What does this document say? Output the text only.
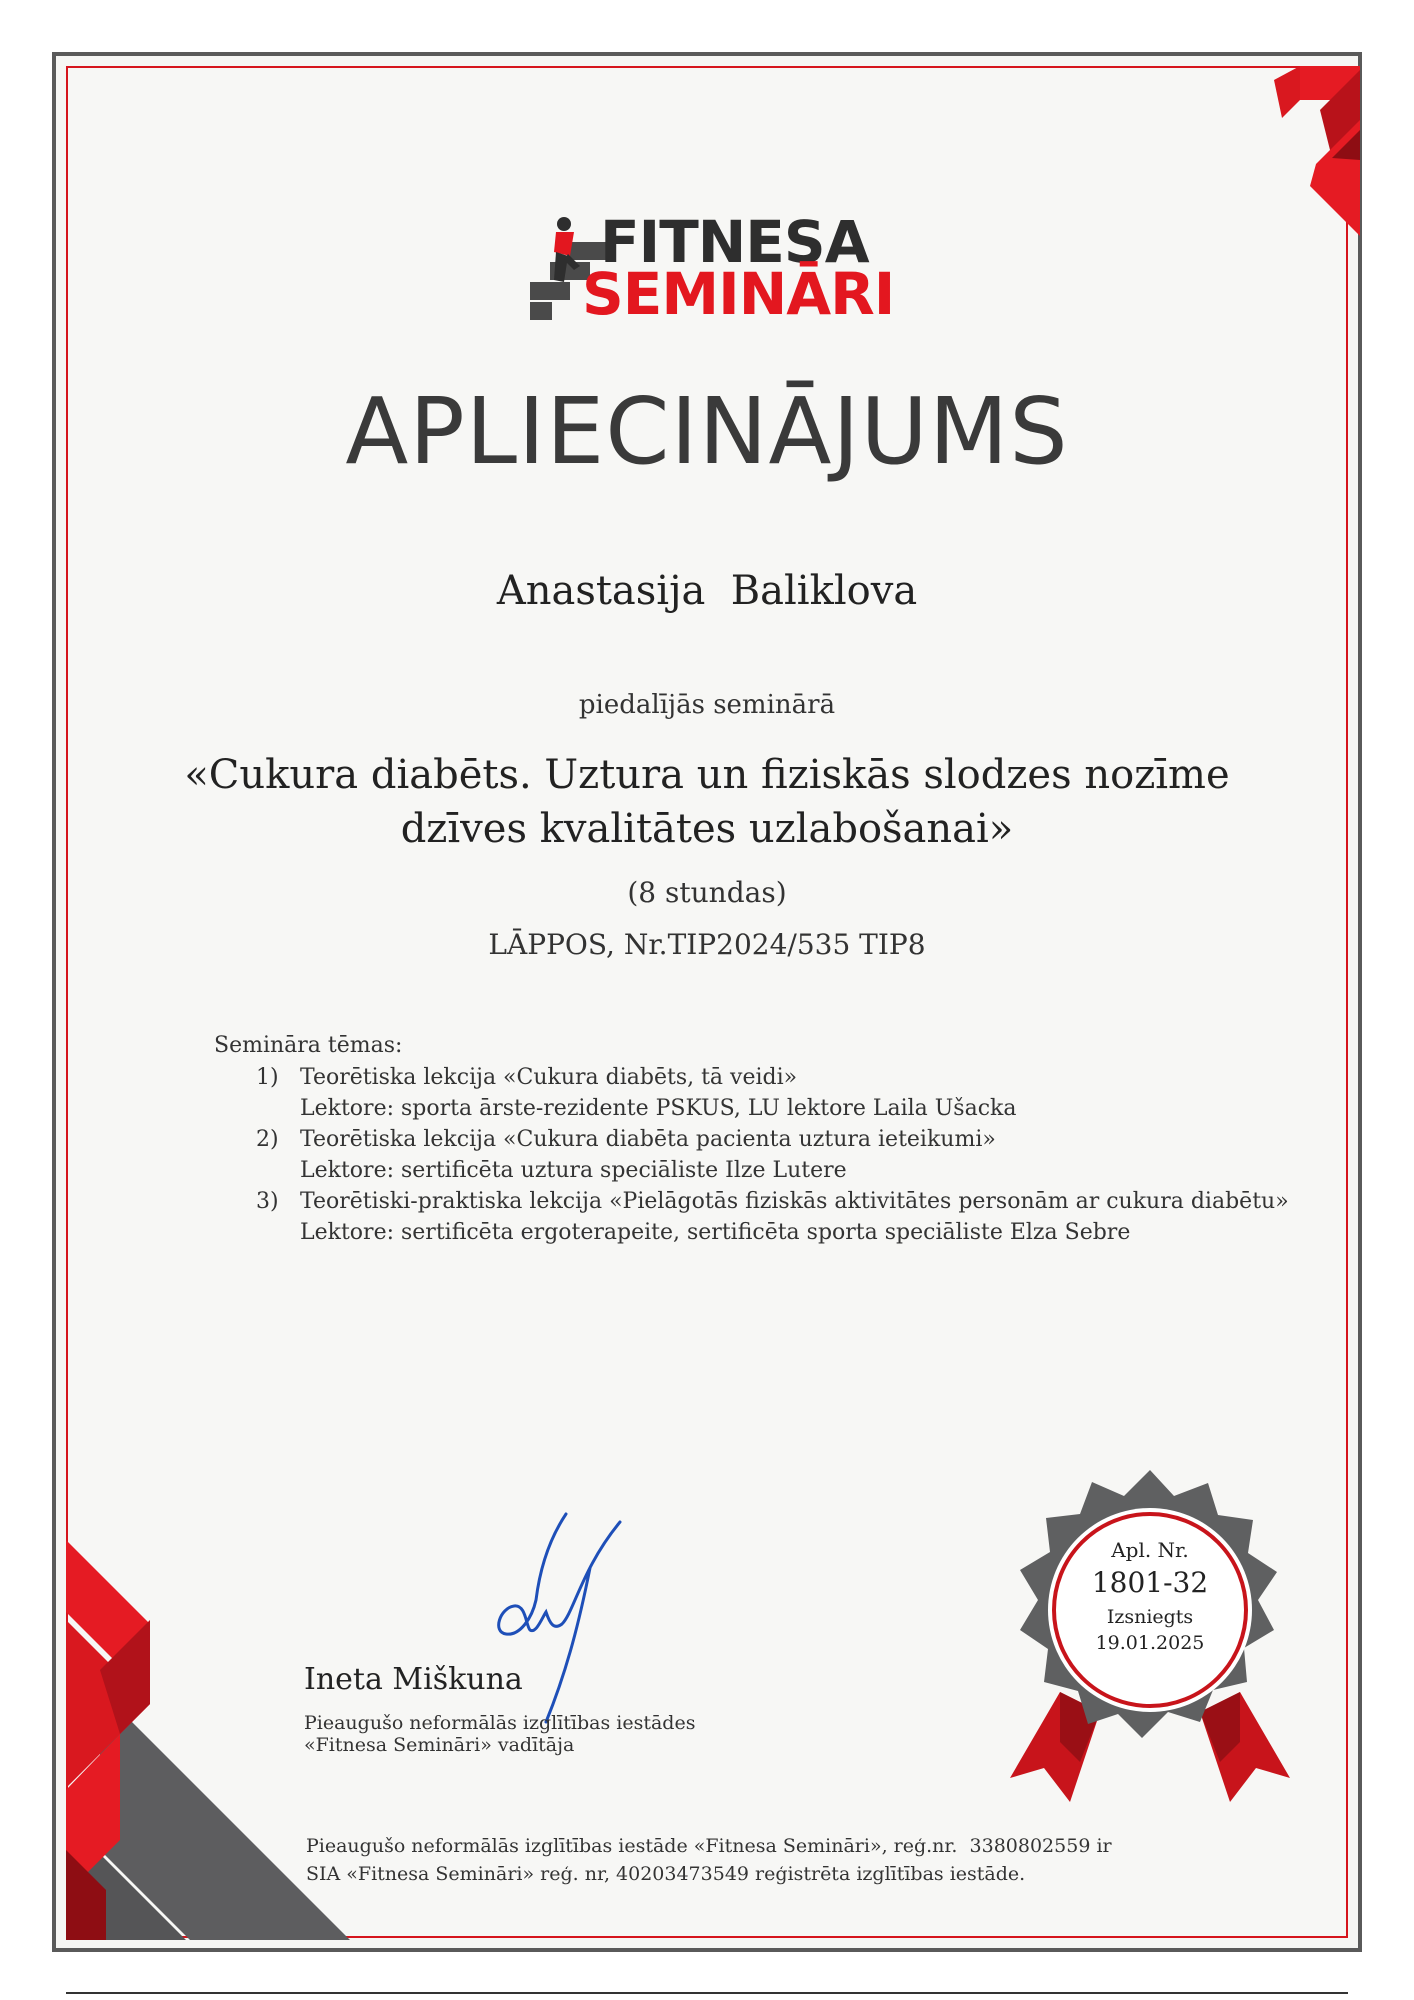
FITNESA
SEMINĀRI
APLIECINĀJUMS
Anastasija  Baliklova
piedalījās seminārā
«Cukura diabēts. Uztura un fiziskās slodzes nozīme
dzīves kvalitātes uzlabošanai»
(8 stundas)
LĀPPOS, Nr.TIP2024/535 TIP8
Semināra tēmas:
1) Teorētiska lekcija «Cukura diabēts, tā veidi»
Lektore: sporta ārste-rezidente PSKUS, LU lektore Laila Ušacka
2) Teorētiska lekcija «Cukura diabēta pacienta uztura ieteikumi»
Lektore: sertificēta uztura speciāliste Ilze Lutere
3) Teorētiski-praktiska lekcija «Pielāgotās fiziskās aktivitātes personām ar cukura diabētu»
Lektore: sertificēta ergoterapeite, sertificēta sporta speciāliste Elza Sebre
Ineta Miškuna
Pieaugušo neformālās izglītības iestādes
«Fitnesa Semināri» vadītāja
Apl. Nr.
1801-32
Izsniegts
19.01.2025
Pieaugušo neformālās izglītības iestāde «Fitnesa Semināri», reģ.nr.  3380802559 ir
SIA «Fitnesa Semināri» reģ. nr, 40203473549 reģistrēta izglītības iestāde.
